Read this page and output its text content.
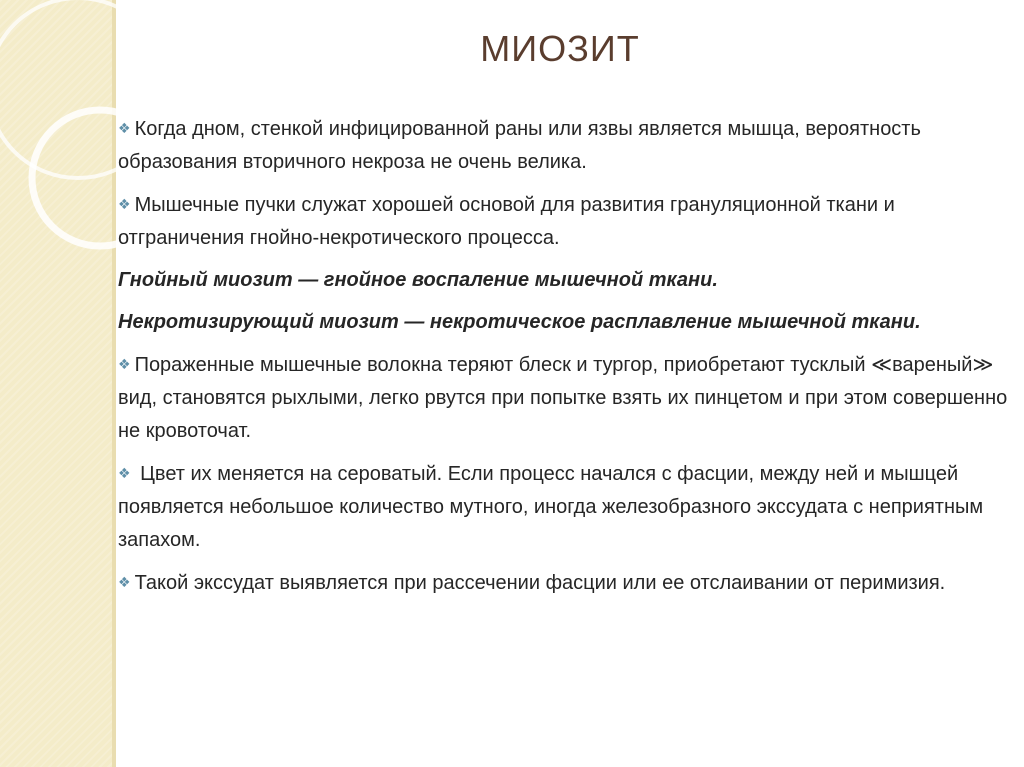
МИОЗИТ

❖ Когда дном, стенкой инфицированной раны или язвы является мышца, вероятность образования вторичного некроза не очень велика.

❖ Мышечные пучки служат хорошей основой для развития грануляционной ткани и отграничения гнойно-некротического процесса.

Гнойный миозит — гнойное воспаление мышечной ткани.

Некротизирующий миозит — некротическое расплавление мышечной ткани.

❖ Пораженные мышечные волокна теряют блеск и тургор, приобретают тусклый ≪вареный≫ вид, становятся рыхлыми, легко рвутся при попытке взять их пинцетом и при этом совершенно не кровоточат.

❖ Цвет их меняется на сероватый. Если процесс начался с фасции, между ней и мышцей появляется небольшое количество мутного, иногда железобразного экссудата с неприятным запахом.

❖ Такой экссудат выявляется при рассечении фасции или ее отслаивании от перимизия.
